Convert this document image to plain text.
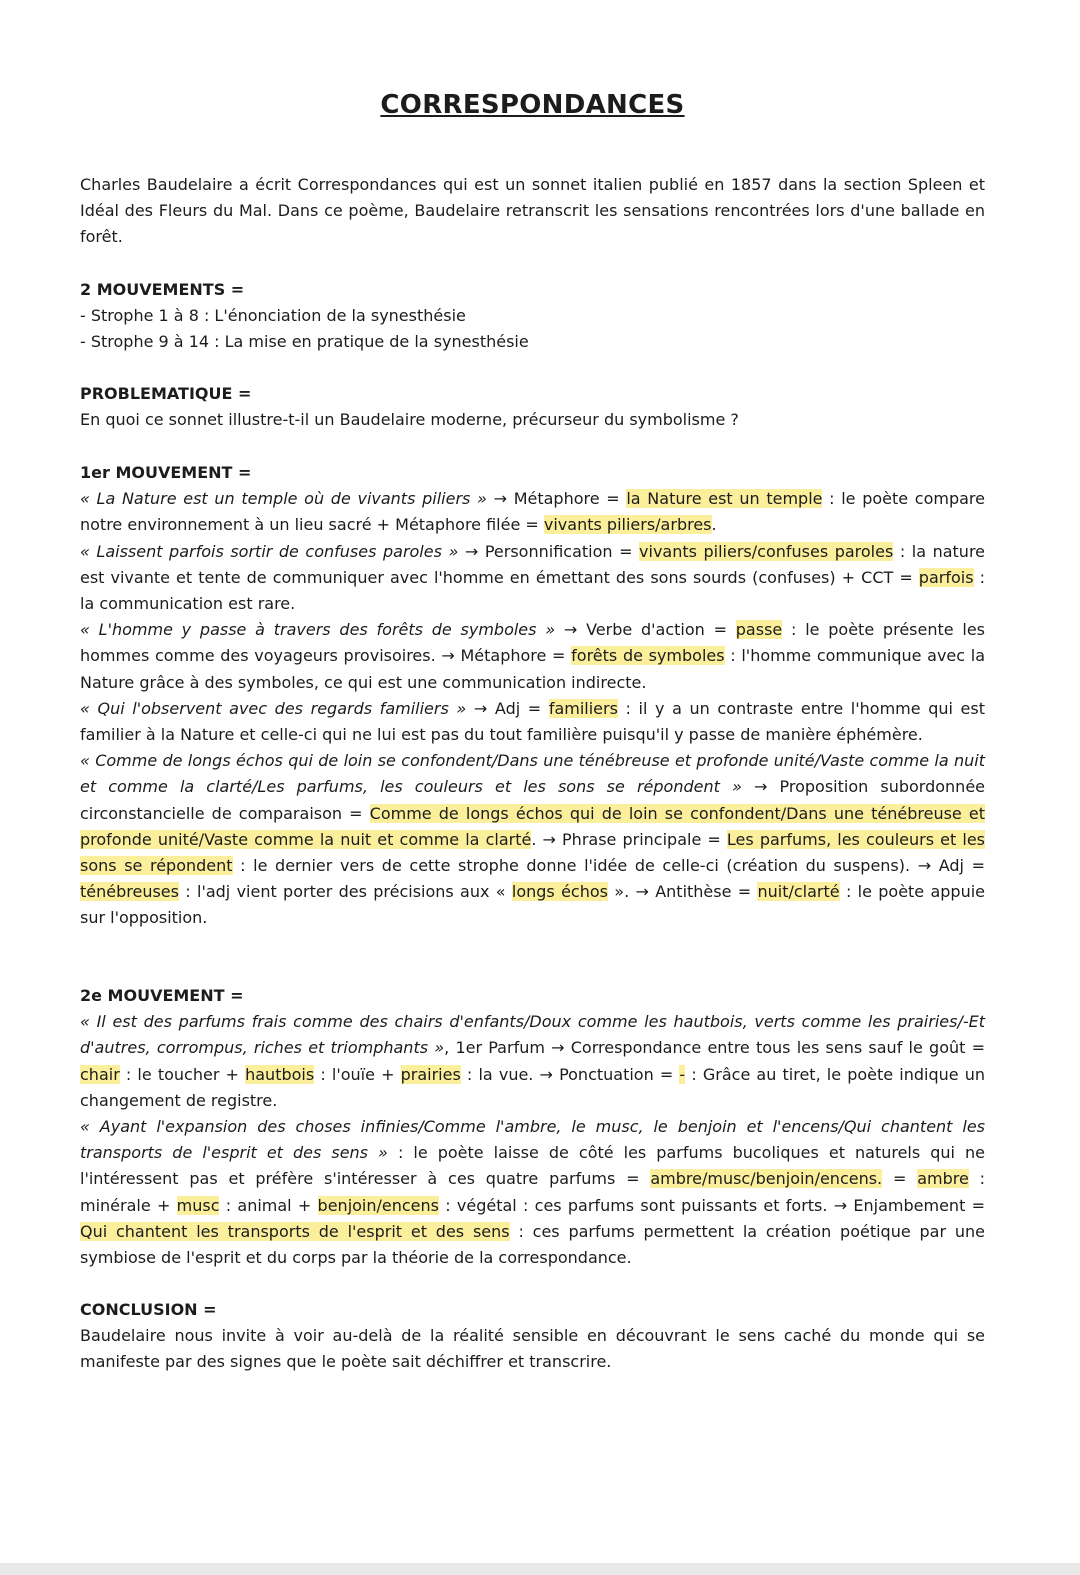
CORRESPONDANCES

Charles Baudelaire a écrit Correspondances qui est un sonnet italien publié en 1857 dans la section Spleen et Idéal des Fleurs du Mal. Dans ce poème, Baudelaire retranscrit les sensations rencontrées lors d'une ballade en forêt.

2 MOUVEMENTS =
- Strophe 1 à 8 : L'énonciation de la synesthésie
- Strophe 9 à 14 : La mise en pratique de la synesthésie
PROBLEMATIQUE =

En quoi ce sonnet illustre-t-il un Baudelaire moderne, précurseur du symbolisme ?

1er MOUVEMENT =

« La Nature est un temple où de vivants piliers » → Métaphore = la Nature est un temple : le poète compare notre environnement à un lieu sacré + Métaphore filée = vivants piliers/arbres.
« Laissent parfois sortir de confuses paroles » → Personnification = vivants piliers/confuses paroles : la nature est vivante et tente de communiquer avec l'homme en émettant des sons sourds (confuses) + CCT = parfois : la communication est rare.
« L'homme y passe à travers des forêts de symboles » → Verbe d'action = passe : le poète présente les hommes comme des voyageurs provisoires. → Métaphore = forêts de symboles : l'homme communique avec la Nature grâce à des symboles, ce qui est une communication indirecte.
« Qui l'observent avec des regards familiers » → Adj = familiers : il y a un contraste entre l'homme qui est familier à la Nature et celle-ci qui ne lui est pas du tout familière puisqu'il y passe de manière éphémère.
« Comme de longs échos qui de loin se confondent/Dans une ténébreuse et profonde unité/Vaste comme la nuit et comme la clarté/Les parfums, les couleurs et les sons se répondent » → Proposition subordonnée circonstancielle de comparaison = Comme de longs échos qui de loin se confondent/Dans une ténébreuse et profonde unité/Vaste comme la nuit et comme la clarté. → Phrase principale = Les parfums, les couleurs et les sons se répondent : le dernier vers de cette strophe donne l'idée de celle-ci (création du suspens). → Adj = ténébreuses : l'adj vient porter des précisions aux « longs échos ». → Antithèse = nuit/clarté : le poète appuie sur l'opposition.

2e MOUVEMENT =

« Il est des parfums frais comme des chairs d'enfants/Doux comme les hautbois, verts comme les prairies/-Et d'autres, corrompus, riches et triomphants », 1er Parfum → Correspondance entre tous les sens sauf le goût = chair : le toucher + hautbois : l'ouïe + prairies : la vue. → Ponctuation = - : Grâce au tiret, le poète indique un changement de registre.
« Ayant l'expansion des choses infinies/Comme l'ambre, le musc, le benjoin et l'encens/Qui chantent les transports de l'esprit et des sens » : le poète laisse de côté les parfums bucoliques et naturels qui ne l'intéressent pas et préfère s'intéresser à ces quatre parfums = ambre/musc/benjoin/encens. = ambre : minérale + musc : animal + benjoin/encens : végétal : ces parfums sont puissants et forts. → Enjambement = Qui chantent les transports de l'esprit et des sens : ces parfums permettent la création poétique par une symbiose de l'esprit et du corps par la théorie de la correspondance.

CONCLUSION =

Baudelaire nous invite à voir au-delà de la réalité sensible en découvrant le sens caché du monde qui se manifeste par des signes que le poète sait déchiffrer et transcrire.
